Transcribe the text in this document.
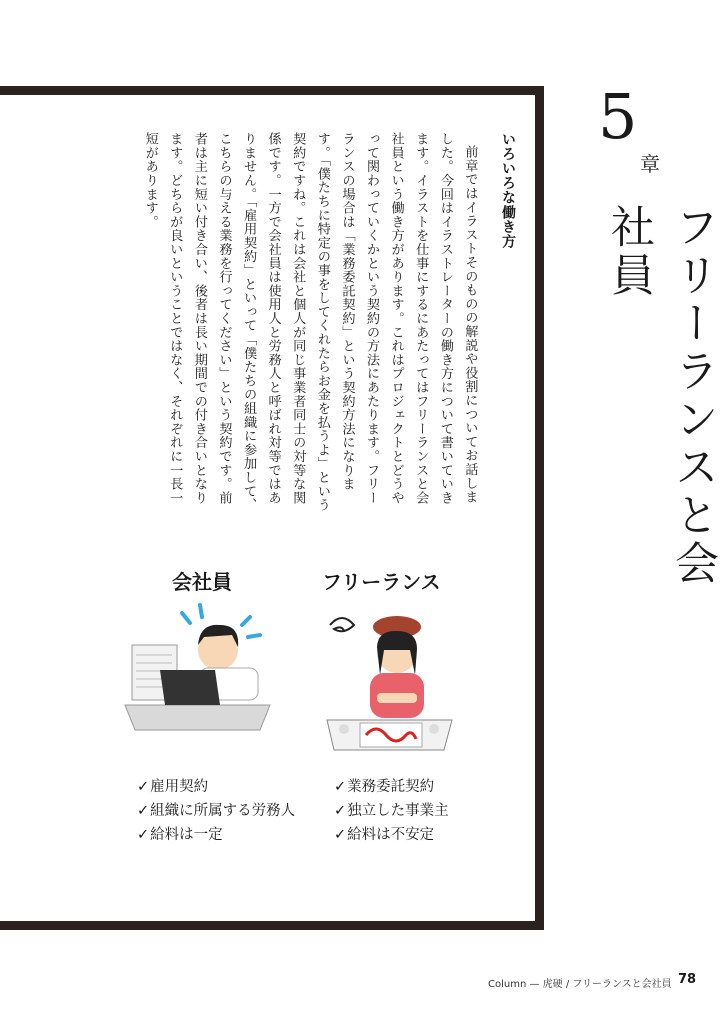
5
章
フリーランスと会社員
いろいろな働き方
前章ではイラストそのものの解説や役割についてお話しました。今回はイラストレーターの働き方について書いていきます。イラストを仕事にするにあたってはフリーランスと会社員という働き方があります。これはプロジェクトとどうやって関わっていくかという契約の方法にあたります。フリーランスの場合は「業務委託契約」という契約方法になります。「僕たちに特定の事をしてくれたらお金を払うよ」という契約ですね。これは会社と個人が同じ事業者同士の対等な関係です。一方で会社員は使用人と労務人と呼ばれ対等ではありません。「雇用契約」といって「僕たちの組織に参加して、こちらの与える業務を行ってください」という契約です。前者は主に短い付き合い、後者は長い期間での付き合いとなります。どちらが良いということではなく、それぞれに一長一短があります。
会社員	フリーランス
✓雇用契約
✓組織に所属する労務人
✓給料は一定
✓業務委託契約
✓独立した事業主
✓給料は不安定
Column — 虎硬 / フリーランスと会社員 78
